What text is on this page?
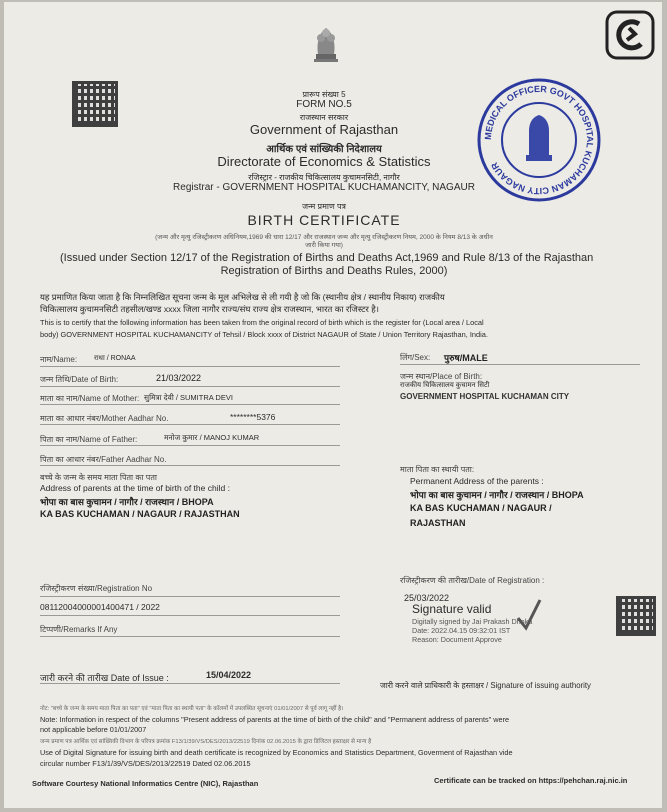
MEDICAL OFFICER GOVT HOSPITAL KUCHAMAN CITY NAGAUR
प्रारूप संख्या 5
FORM NO.5
राजस्थान सरकार
Government of Rajasthan
आर्थिक एवं सांख्यिकी निदेशालय
Directorate of Economics & Statistics
रजिस्ट्रार - राजकीय चिकित्सालय कुचामनसिटी, नागौर
Registrar - GOVERNMENT HOSPITAL KUCHAMANCITY, NAGAUR
जन्म प्रमाण पत्र
BIRTH CERTIFICATE
(जन्म और मृत्यु रजिस्ट्रीकरण अधिनियम,1969 की धारा 12/17 और राजस्थान जन्म और मृत्यु रजिस्ट्रीकरण नियम, 2000 के नियम 8/13 के अधीन जारी किया गया)
(Issued under Section 12/17 of the Registration of Births and Deaths Act,1969 and Rule 8/13 of the Rajasthan
Registration of Births and Deaths Rules, 2000)
यह प्रमाणित किया जाता है कि निम्नलिखित सूचना जन्म के मूल अभिलेख से ली गयी है जो कि (स्थानीय क्षेत्र / स्थानीय निकाय) राजकीय
चिकित्सालय कुचामनसिटी तहसील/खण्ड xxxx जिला नागौर राज्य/संघ राज्य क्षेत्र राजस्थान, भारत का रजिस्टर है।
This is to certify that the following information has been taken from the original record of birth which is the register for (Local area / Local
body) GOVERNMENT HOSPITAL KUCHAMANCITY of Tehsil / Block xxxx of District NAGAUR of State / Union Territory Rajasthan, India.
नाम/Name: राधा / RONAA
जन्म तिथि/Date of Birth:	21/03/2022
माता का नाम/Name of Mother: सुमित्रा देवी / SUMITRA DEVI
माता का आधार नंबर/Mother Aadhar No.	********5376
पिता का नाम/Name of Father:	मनोज कुमार / MANOJ KUMAR
पिता का आधार नंबर/Father Aadhar No.
बच्चे के जन्म के समय माता पिता का पता
Address of parents at the time of birth of the child :
भोपा का बास कुचामन / नागौर / राजस्थान / BHOPA
KA BAS KUCHAMAN / NAGAUR / RAJASTHAN
लिंग/Sex: पुरुष/MALE
जन्म स्थान/Place of Birth:
राजकीय चिकित्सालय कुचामन सिटी
GOVERNMENT HOSPITAL KUCHAMAN CITY
माता पिता का स्थायी पता:
Permanent Address of the parents :
भोपा का बास कुचामन / नागौर / राजस्थान / BHOPA
KA BAS KUCHAMAN / NAGAUR /
RAJASTHAN
रजिस्ट्रीकरण संख्या/Registration No
08112004000001400471 / 2022
टिप्पणी/Remarks If Any
रजिस्ट्रीकरण की तारीख/Date of Registration :
25/03/2022
Signature valid
Digitally signed by Jai Prakash Dhoka
Date: 2022.04.15 09:32:01 IST
Reason: Document Approve
जारी करने की तारीख Date of Issue :	15/04/2022
जारी करने वाले प्राधिकारी के हस्ताक्षर / Signature of issuing authority
नोट: "बच्चे के जन्म के समय माता पिता का पता" एवं "माता पिता का स्थायी पता" के कॉलमों में उपलब्धित सूचनाएं 01/01/2007 से पूर्व लागू नहीं है।
Note: Information in respect of the columns "Present address of parents at the time of birth of the child" and "Permanent address of parents" were
not applicable before 01/01/2007
जन्म प्रमाण पत्र आर्थिक एवं सांख्यिकी विभाग के परिपत्र क्रमांक F13/1/39/VS/DES/2013/22519 दिनांक 02.06.2015 के द्वारा डिजिटल हस्ताक्षर से मान्य है
Use of Digital Signature for issuing birth and death certificate is recognized by Economics and Statistics Department, Goverment of Rajasthan vide
circular number F13/1/39/VS/DES/2013/22519 Dated 02.06.2015
Software Courtesy National Informatics Centre (NIC), Rajasthan	Certificate can be tracked on https://pehchan.raj.nic.in
